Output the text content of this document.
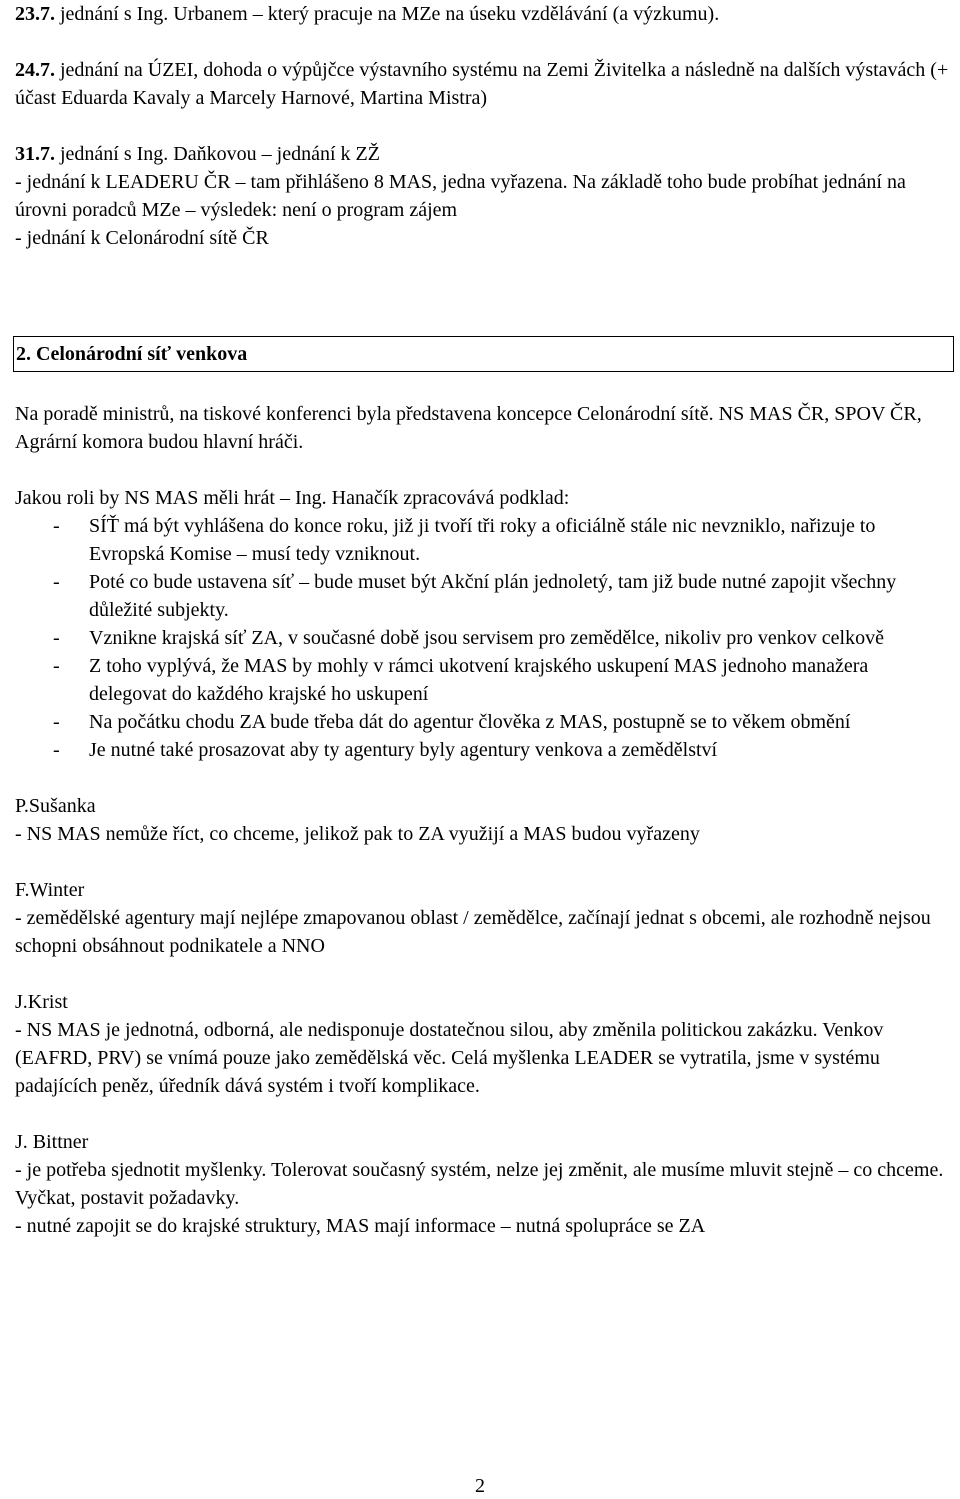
23.7. jednání s Ing. Urbanem – který pracuje na MZe na úseku vzdělávání (a výzkumu).

24.7. jednání na ÚZEI, dohoda o výpůjčce výstavního systému na Zemi Živitelka a následně na dalších výstavách (+ účast Eduarda Kavaly a Marcely Harnové, Martina Mistra)

31.7. jednání s Ing. Daňkovou – jednání k ZŽ

- jednání k LEADERU ČR – tam přihlášeno 8 MAS, jedna vyřazena. Na základě toho bude probíhat jednání na úrovni poradců MZe – výsledek: není o program zájem

- jednání k Celonárodní sítě ČR

2. Celonárodní síť venkova

Na poradě ministrů, na tiskové konferenci byla představena koncepce Celonárodní sítě. NS MAS ČR, SPOV ČR, Agrární komora budou hlavní hráči.

Jakou roli by NS MAS měli hrát – Ing. Hanačík zpracovává podklad:

- SÍŤ má být vyhlášena do konce roku, již ji tvoří tři roky a oficiálně stále nic nevzniklo, nařizuje to Evropská Komise – musí tedy vzniknout.
- Poté co bude ustavena síť – bude muset být Akční plán jednoletý, tam již bude nutné zapojit všechny důležité subjekty.
- Vznikne krajská síť ZA, v současné době jsou servisem pro zemědělce, nikoliv pro venkov celkově
- Z toho vyplývá, že MAS by mohly v rámci ukotvení krajského uskupení MAS jednoho manažera delegovat do každého krajské ho uskupení
- Na počátku chodu ZA bude třeba dát do agentur člověka z MAS, postupně se to věkem obmění
- Je nutné také prosazovat aby ty agentury byly agentury venkova a zemědělství

P.Sušanka

- NS MAS nemůže říct, co chceme, jelikož pak to ZA využijí a MAS budou vyřazeny

F.Winter

- zemědělské agentury mají nejlépe zmapovanou oblast / zemědělce, začínají jednat s obcemi, ale rozhodně nejsou schopni obsáhnout podnikatele a NNO

J.Krist

- NS MAS je jednotná, odborná, ale nedisponuje dostatečnou silou, aby změnila politickou zakázku. Venkov (EAFRD, PRV) se vnímá pouze jako zemědělská věc. Celá myšlenka LEADER se vytratila, jsme v systému padajících peněz, úředník dává systém i tvoří komplikace.

J. Bittner

- je potřeba sjednotit myšlenky. Tolerovat současný systém, nelze jej změnit, ale musíme mluvit stejně – co chceme. Vyčkat, postavit požadavky.

- nutné zapojit se do krajské struktury, MAS mají informace – nutná spolupráce se ZA

2
